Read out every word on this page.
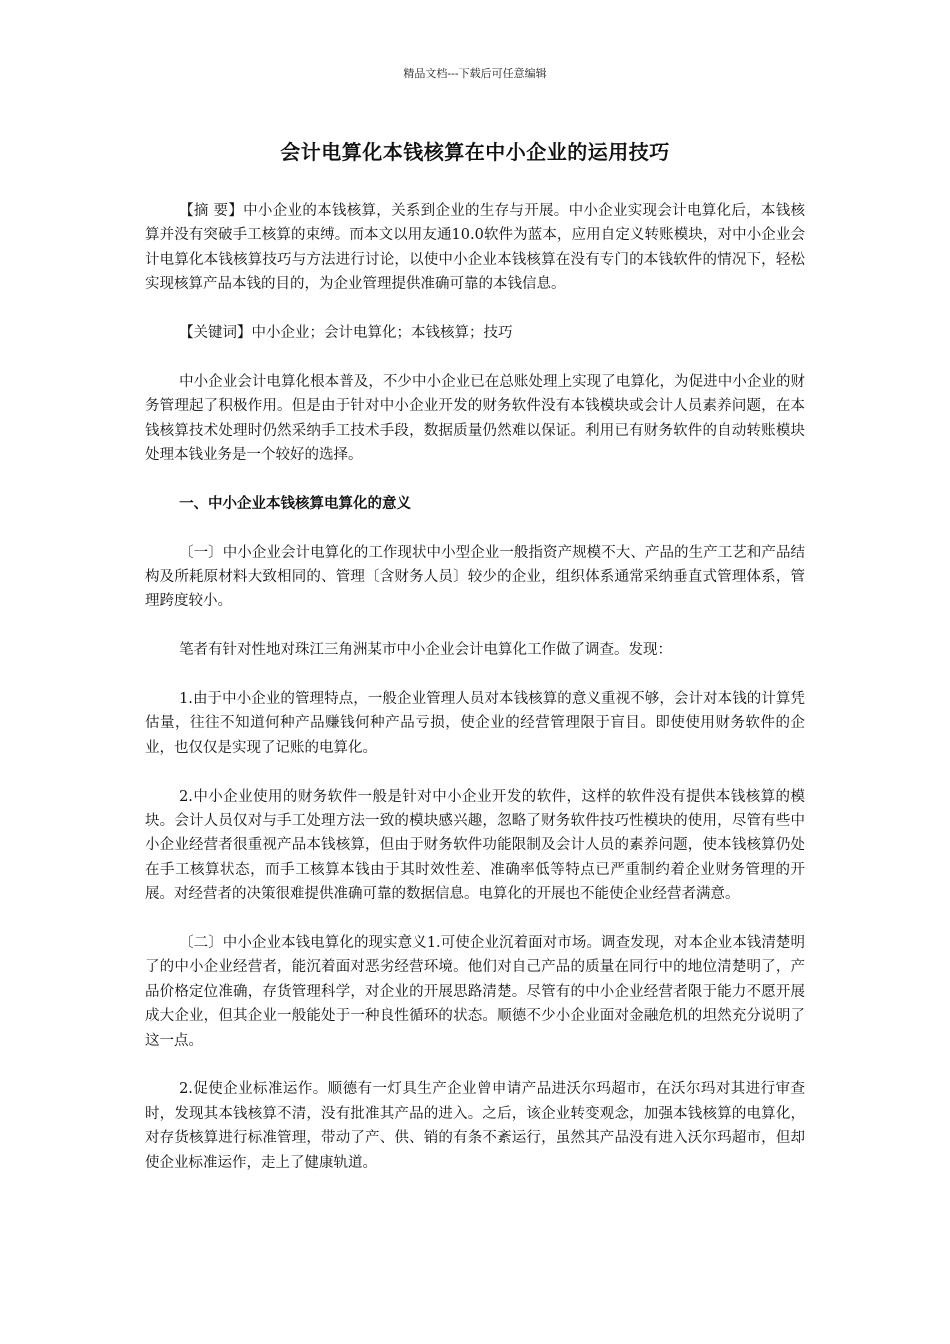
精品文档---下载后可任意编辑
会计电算化本钱核算在中小企业的运用技巧

【摘 要】中小企业的本钱核算，关系到企业的生存与开展。中小企业实现会计电算化后，本钱核算并没有突破手工核算的束缚。而本文以用友通10.0软件为蓝本，应用自定义转账模块，对中小企业会计电算化本钱核算技巧与方法进行讨论，以使中小企业本钱核算在没有专门的本钱软件的情况下，轻松实现核算产品本钱的目的，为企业管理提供准确可靠的本钱信息。

【关键词】中小企业；会计电算化；本钱核算；技巧

中小企业会计电算化根本普及，不少中小企业已在总账处理上实现了电算化，为促进中小企业的财务管理起了积极作用。但是由于针对中小企业开发的财务软件没有本钱模块或会计人员素养问题，在本钱核算技术处理时仍然采纳手工技术手段，数据质量仍然难以保证。利用已有财务软件的自动转账模块处理本钱业务是一个较好的选择。

一、中小企业本钱核算电算化的意义

〔一〕中小企业会计电算化的工作现状中小型企业一般指资产规模不大、产品的生产工艺和产品结构及所耗原材料大致相同的、管理〔含财务人员〕较少的企业，组织体系通常采纳垂直式管理体系，管理跨度较小。

笔者有针对性地对珠江三角洲某市中小企业会计电算化工作做了调查。发现：

1.由于中小企业的管理特点，一般企业管理人员对本钱核算的意义重视不够，会计对本钱的计算凭估量，往往不知道何种产品赚钱何种产品亏损，使企业的经营管理限于盲目。即使使用财务软件的企业，也仅仅是实现了记账的电算化。

2.中小企业使用的财务软件一般是针对中小企业开发的软件，这样的软件没有提供本钱核算的模块。会计人员仅对与手工处理方法一致的模块感兴趣，忽略了财务软件技巧性模块的使用，尽管有些中小企业经营者很重视产品本钱核算，但由于财务软件功能限制及会计人员的素养问题，使本钱核算仍处在手工核算状态，而手工核算本钱由于其时效性差、准确率低等特点已严重制约着企业财务管理的开展。对经营者的决策很难提供准确可靠的数据信息。电算化的开展也不能使企业经营者满意。

〔二〕中小企业本钱电算化的现实意义1.可使企业沉着面对市场。调查发现，对本企业本钱清楚明了的中小企业经营者，能沉着面对恶劣经营环境。他们对自己产品的质量在同行中的地位清楚明了，产品价格定位准确，存货管理科学，对企业的开展思路清楚。尽管有的中小企业经营者限于能力不愿开展成大企业，但其企业一般能处于一种良性循环的状态。顺德不少小企业面对金融危机的坦然充分说明了这一点。

2.促使企业标准运作。顺德有一灯具生产企业曾申请产品进沃尔玛超市，在沃尔玛对其进行审查时，发现其本钱核算不清，没有批准其产品的进入。之后，该企业转变观念，加强本钱核算的电算化，对存货核算进行标准管理，带动了产、供、销的有条不紊运行，虽然其产品没有进入沃尔玛超市，但却使企业标准运作，走上了健康轨道。
